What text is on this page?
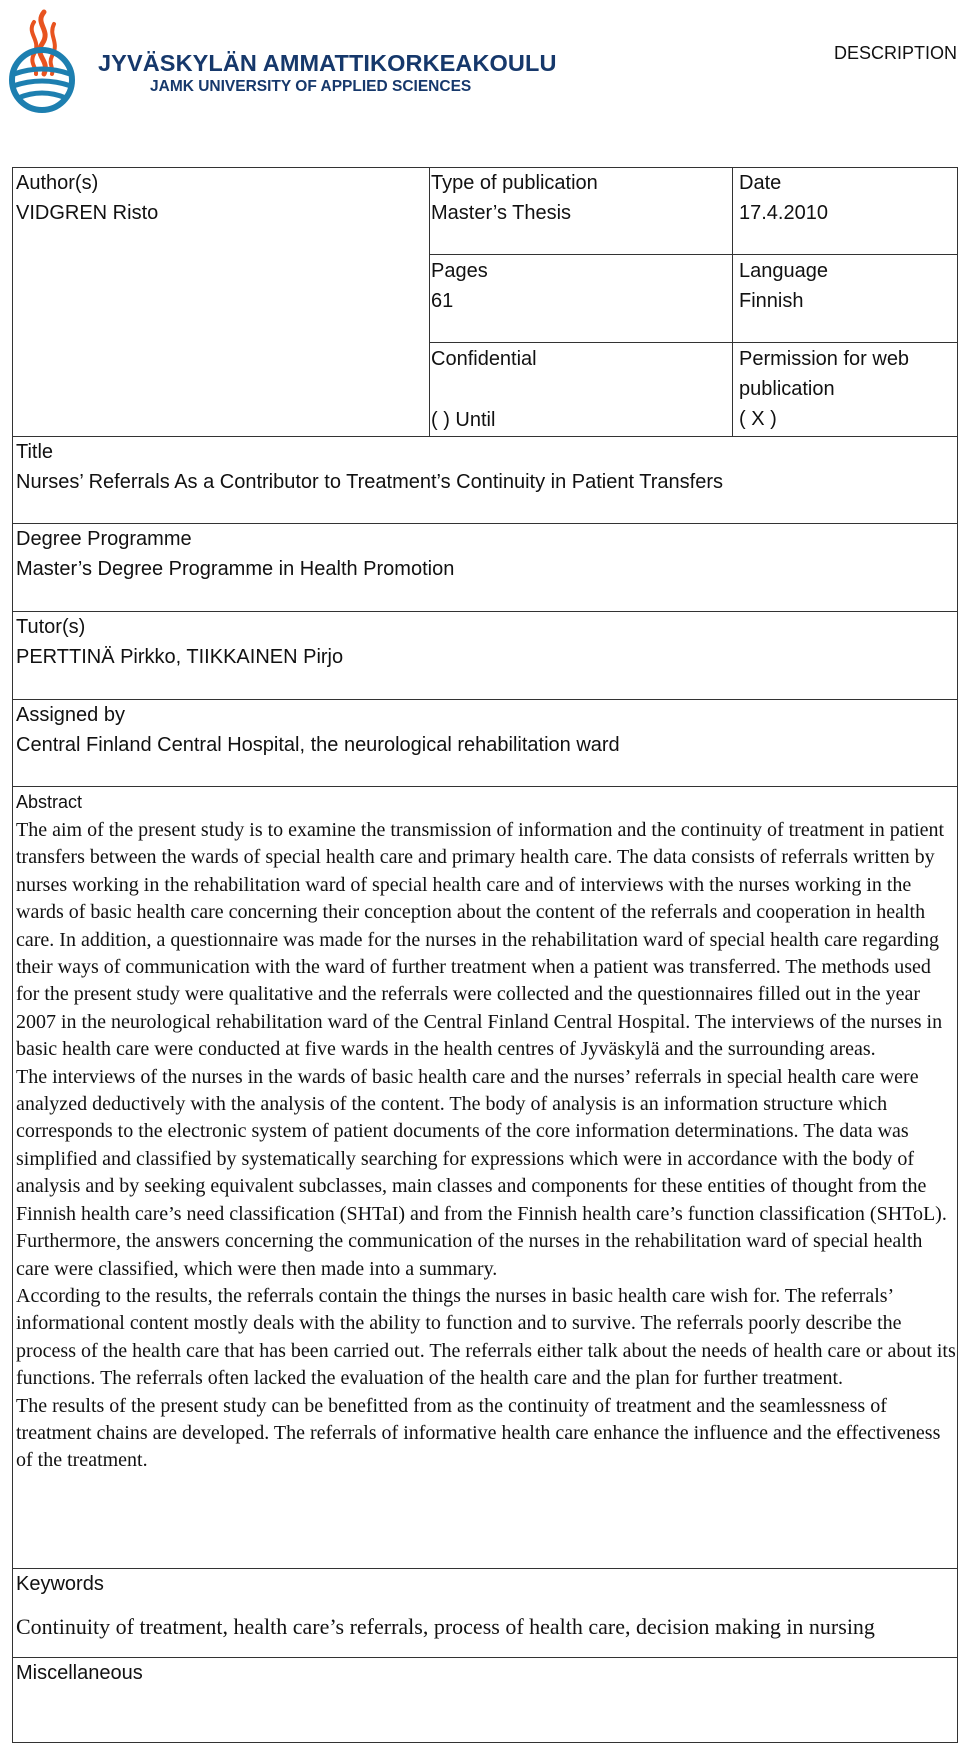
JYVÄSKYLÄN AMMATTIKORKEAKOULU
JAMK UNIVERSITY OF APPLIED SCIENCES
DESCRIPTION
Author(s)
VIDGREN Risto
Type of publication
Master’s Thesis
Date
17.4.2010
Pages
61
Language
Finnish
Confidential
( ) Until
Permission for web
publication
( X )
Title
Nurses’ Referrals As a Contributor to Treatment’s Continuity in Patient Transfers
Degree Programme
Master’s Degree Programme in Health Promotion
Tutor(s)
PERTTINÄ Pirkko, TIIKKAINEN Pirjo
Assigned by
Central Finland Central Hospital, the neurological rehabilitation ward
Abstract

The aim of the present study is to examine the transmission of information and the continuity of treatment in patient transfers between the wards of special health care and primary health care. The data consists of referrals written by nurses working in the rehabilitation ward of special health care and of interviews with the nurses working in the wards of basic health care concerning their conception about the content of the referrals and cooperation in health care. In addition, a questionnaire was made for the nurses in the rehabilitation ward of special health care regarding their ways of communication with the ward of further treatment when a patient was transferred. The methods used for the present study were qualitative and the referrals were collected and the questionnaires filled out in the year 2007 in the neurological rehabilitation ward of the Central Finland Central Hospital. The interviews of the nurses in basic health care were conducted at five wards in the health centres of Jyväskylä and the surrounding areas.

The interviews of the nurses in the wards of basic health care and the nurses’ referrals in special health care were analyzed deductively with the analysis of the content. The body of analysis is an information structure which corresponds to the electronic system of patient documents of the core information determinations. The data was simplified and classified by systematically searching for expressions which were in accordance with the body of analysis and by seeking equivalent subclasses, main classes and components for these entities of thought from the Finnish health care’s need classification (SHTaI) and from the Finnish health care’s function classification (SHToL). Furthermore, the answers concerning the communication of the nurses in the rehabilitation ward of special health care were classified, which were then made into a summary.

According to the results, the referrals contain the things the nurses in basic health care wish for. The referrals’ informational content mostly deals with the ability to function and to survive. The referrals poorly describe the process of the health care that has been carried out. The referrals either talk about the needs of health care or about its functions. The referrals often lacked the evaluation of the health care and the plan for further treatment.

The results of the present study can be benefitted from as the continuity of treatment and the seamlessness of treatment chains are developed. The referrals of informative health care enhance the influence and the effectiveness of the treatment.

Keywords
Continuity of treatment, health care’s referrals, process of health care, decision making in nursing
Miscellaneous
